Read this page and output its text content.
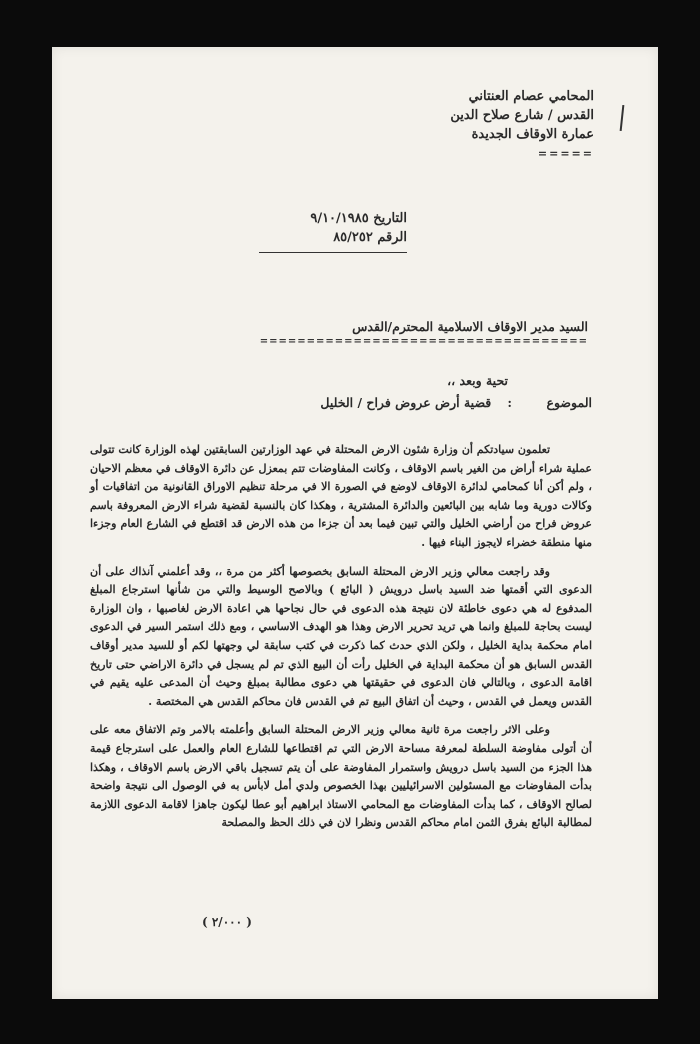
المحامي عصام العنتاني
القدس / شارع صلاح الدين
عمارة الاوقاف الجديدة
=====
التاريخ ٩/١٠/١٩٨٥
الرقم ٨٥/٢٥٢
السيد مدير الاوقاف الاسلامية المحترم/القدس
===================================
تحية وبعد ،،
الموضوع : قضية أرض عروض فراح / الخليل

تعلمون سيادتكم أن وزارة شئون الارض المحتلة في عهد الوزارتين السابقتين لهذه الوزارة كانت تتولى عملية شراء أراض من الغير باسم الاوقاف ، وكانت المفاوضات تتم بمعزل عن دائرة الاوقاف في معظم الاحيان ، ولم أكن أنا كمحامي لدائرة الاوقاف لاوضع في الصورة الا في مرحلة تنظيم الاوراق القانونية من اتفاقيات أو وكالات دورية وما شابه بين البائعين والدائرة المشترية ، وهكذا كان بالنسبة لقضية شراء الارض المعروفة باسم عروض فراح من أراضي الخليل والتي تبين فيما بعد أن جزءا من هذه الارض قد اقتطع في الشارع العام وجزءا منها منطقة خضراء لايجوز البناء فيها .

وقد راجعت معالي وزير الارض المحتلة السابق بخصوصها أكثر من مرة ،، وقد أعلمني آنذاك على أن الدعوى التي أقمتها ضد السيد باسل درويش ( البائع ) وبالاصح الوسيط والتي من شأنها استرجاع المبلغ المدفوع له هي دعوى خاطئة لان نتيجة هذه الدعوى في حال نجاحها هي اعادة الارض لغاصبها ، وان الوزارة ليست بحاجة للمبلغ وانما هي تريد تحرير الارض وهذا هو الهدف الاساسي ، ومع ذلك استمر السير في الدعوى امام محكمة بداية الخليل ، ولكن الذي حدث كما ذكرت في كتب سابقة لي وجهتها لكم أو للسيد مدير أوقاف القدس السابق هو أن محكمة البداية في الخليل رأت أن البيع الذي تم لم يسجل في دائرة الاراضي حتى تاريخ اقامة الدعوى ، وبالتالي فان الدعوى في حقيقتها هي دعوى مطالبة بمبلغ وحيث أن المدعى عليه يقيم في القدس ويعمل في القدس ، وحيث أن اتفاق البيع تم في القدس فان محاكم القدس هي المختصة .

وعلى الاثر راجعت مرة ثانية معالي وزير الارض المحتلة السابق وأعلمته بالامر وتم الاتفاق معه على أن أتولى مفاوضة السلطة لمعرفة مساحة الارض التي تم اقتطاعها للشارع العام والعمل على استرجاع قيمة هذا الجزء من السيد باسل درويش واستمرار المفاوضة على أن يتم تسجيل باقي الارض باسم الاوقاف ، وهكذا بدأت المفاوضات مع المسئولين الاسرائيليين بهذا الخصوص ولدي أمل لابأس به في الوصول الى نتيجة واضحة لصالح الاوقاف ، كما بدأت المفاوضات مع المحامي الاستاذ ابراهيم أبو عطا ليكون جاهزا لاقامة الدعوى اللازمة لمطالبة البائع بفرق الثمن امام محاكم القدس ونظرا لان في ذلك الحظ والمصلحة

( ٢/٠٠٠ )
